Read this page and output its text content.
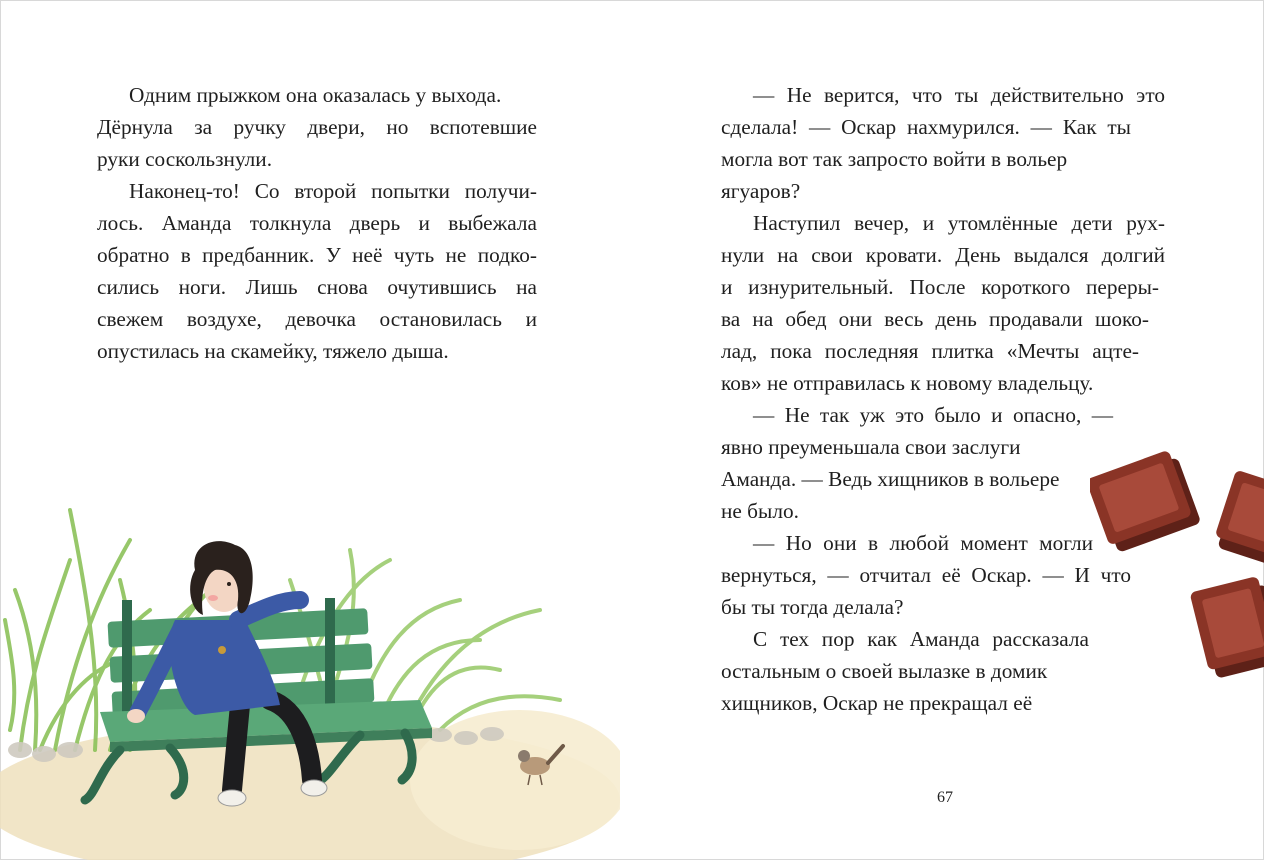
Одним прыжком она оказалась у выхода.
Дёрнула за ручку двери, но вспотевшие
руки соскользнули.
Наконец-то! Со второй попытки получи-
лось. Аманда толкнула дверь и выбежала
обратно в предбанник. У неё чуть не подко-
сились ноги. Лишь снова очутившись на
свежем воздухе, девочка остановилась и
опустилась на скамейку, тяжело дыша.
— Не верится, что ты действительно это
сделала! — Оскар нахмурился. — Как ты
могла вот так запросто войти в вольер
ягуаров?
Наступил вечер, и утомлённые дети рух-
нули на свои кровати. День выдался долгий
и изнурительный. После короткого переры-
ва на обед они весь день продавали шоко-
лад, пока последняя плитка «Мечты ацте-
ков» не отправилась к новому владельцу.
— Не так уж это было и опасно, —
явно преуменьшала свои заслуги
Аманда. — Ведь хищников в вольере
не было.
— Но они в любой момент могли
вернуться, — отчитал её Оскар. — И что
бы ты тогда делала?
С тех пор как Аманда рассказала
остальным о своей вылазке в домик
хищников, Оскар не прекращал её
67
